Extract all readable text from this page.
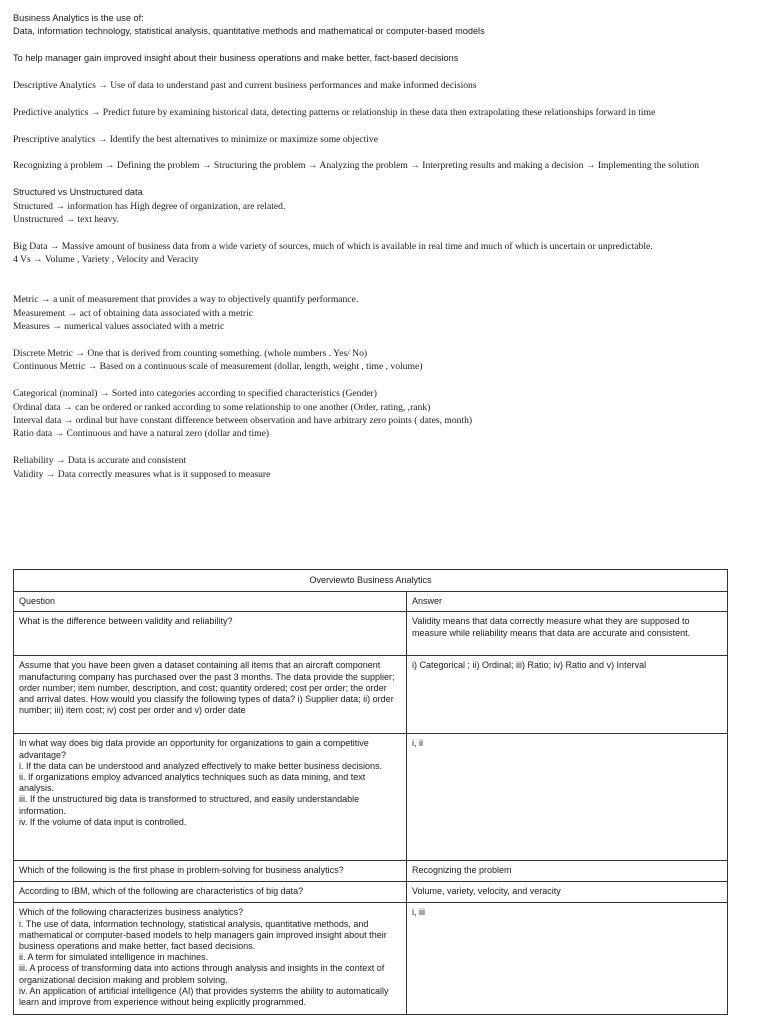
Business Analytics is the use of:
Data, information technology, statistical analysis, quantitative methods and mathematical or computer-based models
To help manager gain improved insight about their business operations and make better, fact-based decisions
Descriptive Analytics → Use of data to understand past and current business performances and make informed decisions
Predictive analytics → Predict future by examining historical data, detecting patterns or relationship in these data then extrapolating these relationships forward in time
Prescriptive analytics → Identify the best alternatives to minimize or maximize some objective
Recognizing a problem → Defining the problem → Structuring the problem → Analyzing the problem → Interpreting results and making a decision → Implementing the solution
Structured vs Unstructured data
Structured → information has High degree of organization, are related.
Unstructured → text heavy.
Big Data → Massive amount of business data from a wide variety of sources, much of which is available in real time and much of which is uncertain or unpredictable.
4 Vs → Volume , Variety , Velocity and Veracity
Metric → a unit of measurement that provides a way to objectively quantify performance.
Measurement → act of obtaining data associated with a metric
Measures → numerical values associated with a metric
Discrete Metric → One that is derived from counting something. (whole numbers . Yes/ No)
Continuous Metric → Based on a continuous scale of measurement (dollar, length, weight , time , volume)
Categorical (nominal) → Sorted into categories according to specified characteristics (Gender)
Ordinal data → can be ordered or ranked according to some relationship to one another (Order, rating, ,rank)
Interval data → ordinal but have constant difference between observation and have arbitrary zero points ( dates, month)
Ratio data → Continuous and have a natural zero (dollar and time)
Reliability → Data is accurate and consistent
Validity → Data correctly measures what is it supposed to measure
Overviewto Business Analytics	
Question	Answer

What is the difference between validity and reliability?	Validity means that data correctly measure what they are supposed to measure while reliability means that data are accurate and consistent.

Assume that you have been given a dataset containing all items that an aircraft component manufacturing company has purchased over the past 3 months. The data provide the supplier; order number; item number, description, and cost; quantity ordered; cost per order; the order and arrival dates. How would you classify the following types of data? i) Supplier data; ii) order number; iii) item cost; iv) cost per order and v) order date	i) Categorical ; ii) Ordinal; iii) Ratio; iv) Ratio and v) Interval

In what way does big data provide an opportunity for organizations to gain a competitive advantage?
i. If the data can be understood and analyzed effectively to make better business decisions.
ii. If organizations employ advanced analytics techniques such as data mining, and text analysis.
iii. If the unstructured big data is transformed to structured, and easily understandable information.
iv. If the volume of data input is controlled.	i, ii

Which of the following is the first phase in problem-solving for business analytics?	Recognizing the problem

According to IBM, which of the following are characteristics of big data?	Volume, variety, velocity, and veracity

Which of the following characterizes business analytics?
i. The use of data, information technology, statistical analysis, quantitative methods, and mathematical or computer-based models to help managers gain improved insight about their business operations and make better, fact based decisions.
ii. A term for simulated intelligence in machines.
iii. A process of transforming data into actions through analysis and insights in the context of organizational decision making and problem solving.
iv. An application of artificial intelligence (AI) that provides systems the ability to automatically learn and improve from experience without being explicitly programmed.	i, iii
